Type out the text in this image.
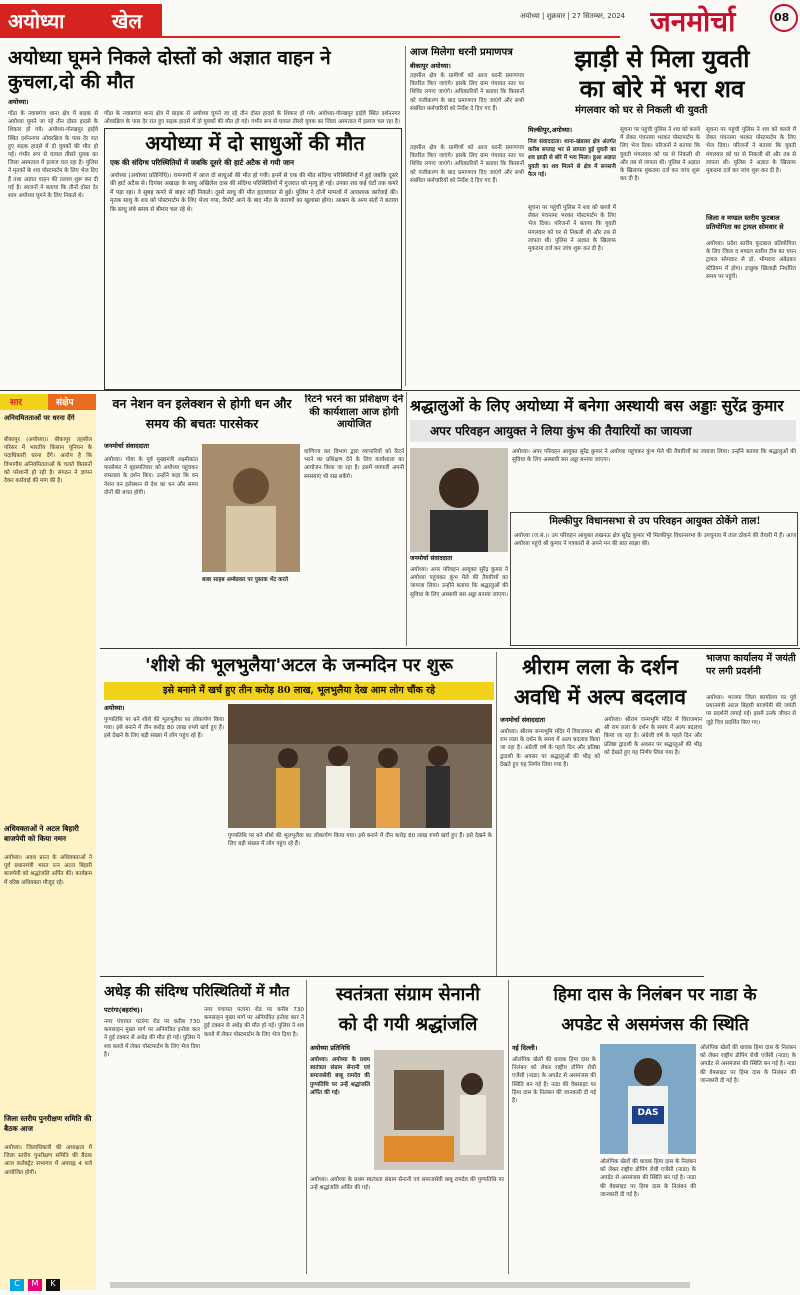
अयोध्या खेल	अयोध्या | शुक्रवार | 27 सितम्बर, 2024 जनमोर्चा	08
अयोध्या घूमने निकले दोस्तों को अज्ञात वाहन ने कुचला,दो की मौत
अयोध्या।
गोंडा के नवाबगंज थाना क्षेत्र में बाइक से अयोध्या घूमने जा रहे तीन दोस्त हादसे के शिकार हो गये। अयोध्या-गोरखपुर हाईवे स्थित दर्शननगर ओवरब्रिज के पास देर रात हुए सड़क हादसे में दो युवकों की मौत हो गई। गंभीर रूप से घायल तीसरे युवक का जिला अस्पताल में इलाज चल रहा है। पुलिस ने मृतकों के शव पोस्टमार्टम के लिए भेज दिए हैं तथा अज्ञात वाहन की तलाश शुरू कर दी गई है। स्वजनों ने बताया कि तीनों दोस्त देर शाम अयोध्या घूमने के लिए निकले थे।
गोंडा के नवाबगंज थाना क्षेत्र में बाइक से अयोध्या घूमने जा रहे तीन दोस्त हादसे के शिकार हो गये। अयोध्या-गोरखपुर हाईवे स्थित दर्शननगर ओवरब्रिज के पास देर रात हुए सड़क हादसे में दो युवकों की मौत हो गई। गंभीर रूप से घायल तीसरे युवक का जिला अस्पताल में इलाज चल रहा है।
अयोध्या में दो साधुओं की मौत
एक की संदिग्ध परिस्थितियों में जबकि दूसरे की हार्ट अटैक से गयी जान
अयोध्या (अयोध्या प्रतिनिधि)। रामनगरी में आज दो साधुओं की मौत हो गयी। इनमें से एक की मौत संदिग्ध परिस्थितियों में हुई जबकि दूसरे की हार्ट अटैक से। दिगंबर अखाड़ा के साधु अखिलेश दास की संदिग्ध परिस्थितियों में गुजरात को मृत्यु हो गई। उनका शव कई घंटों तक कमरे में पड़ा रहा। वे सुबह कमरे से बाहर नहीं निकले। दूसरे साधु की मौत हृदयाघात से हुई। पुलिस ने दोनों मामलों में आवश्यक कार्रवाई की। मृतक साधु के शव को पोस्टमार्टम के लिए भेजा गया, रिपोर्ट आने के बाद मौत के कारणों का खुलासा होगा। आश्रम के अन्य संतों ने बताया कि साधु लंबे समय से बीमार चल रहे थे।
आज मिलेगा धरनी प्रमाणपत्र
बीकापुर अयोध्या।
तहसील क्षेत्र के ग्रामीणों को आज धरनी प्रमाणपत्र वितरित किए जाएंगे। इसके लिए ग्राम पंचायत स्तर पर शिविर लगाए जाएंगे। अधिकारियों ने बताया कि किसानों को पंजीकरण के बाद प्रमाणपत्र दिए जाएंगे और सभी संबंधित कर्मचारियों को निर्देश दे दिए गए हैं।
तहसील क्षेत्र के ग्रामीणों को आज धरनी प्रमाणपत्र वितरित किए जाएंगे। इसके लिए ग्राम पंचायत स्तर पर शिविर लगाए जाएंगे। अधिकारियों ने बताया कि किसानों को पंजीकरण के बाद प्रमाणपत्र दिए जाएंगे और सभी संबंधित कर्मचारियों को निर्देश दे दिए गए हैं।
झाड़ी से मिला युवती
का बोरे में भरा शव
मंगलवार को घर से निकली थी युवती
मिल्कीपुर,अयोध्या।
निज संवाददाता। थाना-खंडासा क्षेत्र अंतर्गत करीब सप्ताह भर से लापता हुई युवती का शव झाड़ी से बोरे में भरा मिला। हुआ अज्ञात युवती का शव मिलने से क्षेत्र में सनसनी फैल गई।
सूचना पर पहुंची पुलिस ने शव को कब्जे में लेकर पंचनामा भरकर पोस्टमार्टम के लिए भेज दिया। परिजनों ने बताया कि युवती मंगलवार को घर से निकली थी और तब से लापता थी। पुलिस ने अज्ञात के खिलाफ मुकदमा दर्ज कर जांच शुरू कर दी है।
सूचना पर पहुंची पुलिस ने शव को कब्जे में लेकर पंचनामा भरकर पोस्टमार्टम के लिए भेज दिया। परिजनों ने बताया कि युवती मंगलवार को घर से निकली थी और तब से लापता थी। पुलिस ने अज्ञात के खिलाफ मुकदमा दर्ज कर जांच शुरू कर दी है।
सूचना पर पहुंची पुलिस ने शव को कब्जे में लेकर पंचनामा भरकर पोस्टमार्टम के लिए भेज दिया। परिजनों ने बताया कि युवती मंगलवार को घर से निकली थी और तब से लापता थी। पुलिस ने अज्ञात के खिलाफ मुकदमा दर्ज कर जांच शुरू कर दी है।
जिला व मण्डल स्तरीय फुटबाल प्रतियोगिता का ट्रायल सोमवार से
अयोध्या। प्रदेश स्तरीय फुटबाल प्रतियोगिता के लिए जिला व मण्डल स्तरीय टीम का चयन ट्रायल सोमवार से डॉ. भीमराव अंबेडकर स्टेडियम में होगा। इच्छुक खिलाड़ी निर्धारित समय पर पहुंचें।
सार	संक्षेप
अनियमितताओं पर धरना देंगे
बीकापुर (अयोध्या)। बीकापुर तहसील परिसर में भारतीय किसान यूनियन के पदाधिकारी धरना देंगे। आरोप है कि विभागीय अनियमितताओं के चलते किसानों को परेशानी हो रही है। संगठन ने ज्ञापन देकर कार्रवाई की मांग की है।
अधिवक्ताओं ने अटल बिहारी बाजपेयी को किया नमन
अयोध्या। अवध प्रान्त के अधिवक्ताओं ने पूर्व प्रधानमंत्री भारत रत्न अटल बिहारी बाजपेयी को श्रद्धांजलि अर्पित की। कार्यक्रम में वरिष्ठ अधिवक्ता मौजूद रहे।
जिला स्तरीय पुनरीक्षण समिति की बैठक आज
अयोध्या। जिलाधिकारी की अध्यक्षता में जिला स्तरीय पुनरीक्षण समिति की बैठक आज कलेक्ट्रेट सभागार में अपराह्न 4 बजे आयोजित होगी।
वन नेशन वन इलेक्शन से होगी धन और समय की बचतः पारसेकर
जनमोर्चा संवाददाता
अयोध्या। गोवा के पूर्व मुख्यमंत्री लक्ष्मीकांत पारसेकर ने बृहस्पतिवार को अयोध्या पहुंचकर रामलला के दर्शन किए। उन्होंने कहा कि वन नेशन वन इलेक्शन से देश का धन और समय दोनों की बचत होगी।
बाबा साहब अम्बेडकर पर पुस्तक भेंट करते
रिटर्न भरने का प्रशिक्षण देने की कार्यशाला आज होगी आयोजित
वाणिज्य कर विभाग द्वारा व्यापारियों को रिटर्न भरने का प्रशिक्षण देने के लिए कार्यशाला का आयोजन किया जा रहा है। इसमें व्यापारी अपनी समस्याएं भी रख सकेंगे।
श्रद्धालुओं के लिए अयोध्या में बनेगा अस्थायी बस अड्डाः सुरेंद्र कुमार
अपर परिवहन आयुक्त ने लिया कुंभ की तैयारियों का जायजा
जनमोर्चा संवाददाता
अयोध्या। अपर परिवहन आयुक्त सुरेंद्र कुमार ने अयोध्या पहुंचकर कुंभ मेले की तैयारियों का जायजा लिया। उन्होंने बताया कि श्रद्धालुओं की सुविधा के लिए अस्थायी बस अड्डा बनाया जाएगा।
अयोध्या। अपर परिवहन आयुक्त सुरेंद्र कुमार ने अयोध्या पहुंचकर कुंभ मेले की तैयारियों का जायजा लिया। उन्होंने बताया कि श्रद्धालुओं की सुविधा के लिए अस्थायी बस अड्डा बनाया जाएगा।
मिल्कीपुर विधानसभा से उप परिवहन आयुक्त ठोकेंगे ताल!
अयोध्या (ज.सं.)। उप परिवहन आयुक्त लखनऊ क्षेत्र सुरेंद्र कुमार भी मिल्कीपुर विधानसभा के उपचुनाव में ताल ठोकने की तैयारी में हैं। आज अयोध्या पहुंचे श्री कुमार ने पत्रकारों से अपने मन की बात साझा की।
'शीशे की भूलभुलैया'अटल के जन्मदिन पर शुरू
इसे बनाने में खर्च हुए तीन करोड़ 80 लाख, भूलभुलैया देख आम लोग चौंक रहे
अयोध्या।
पुण्यतिथि पर बने शीशे की भूलभुलैया का लोकार्पण किया गया। इसे बनाने में तीन करोड़ 80 लाख रुपये खर्च हुए हैं। इसे देखने के लिए बड़ी संख्या में लोग पहुंच रहे हैं।
पुण्यतिथि पर बने शीशे की भूलभुलैया का लोकार्पण किया गया। इसे बनाने में तीन करोड़ 80 लाख रुपये खर्च हुए हैं। इसे देखने के लिए बड़ी संख्या में लोग पहुंच रहे हैं।
श्रीराम लला के दर्शन
अवधि में अल्प बदलाव
जनमोर्चा संवाददाता
अयोध्या। श्रीराम जन्मभूमि मंदिर में विराजमान श्री राम लला के दर्शन के समय में अल्प बदलाव किया जा रहा है। अंग्रेजी वर्ष के पहले दिन और प्रतिष्ठा द्वादशी के अवसर पर श्रद्धालुओं की भीड़ को देखते हुए यह निर्णय लिया गया है।
अयोध्या। श्रीराम जन्मभूमि मंदिर में विराजमान श्री राम लला के दर्शन के समय में अल्प बदलाव किया जा रहा है। अंग्रेजी वर्ष के पहले दिन और प्रतिष्ठा द्वादशी के अवसर पर श्रद्धालुओं की भीड़ को देखते हुए यह निर्णय लिया गया है।
भाजपा कार्यालय में जयंती पर लगी प्रदर्शनी
अयोध्या। भाजपा जिला कार्यालय पर पूर्व प्रधानमंत्री अटल बिहारी बाजपेयी की जयंती पर प्रदर्शनी लगाई गई। इसमें उनके जीवन से जुड़े चित्र प्रदर्शित किए गए।
अधेड़ की संदिग्ध परिस्थितियों में मौत
पटरंगा(बहरांच)।
नगर पंचायत पटरंगा रोड पर करीब 730 कमसाहन मुख्य मार्ग पर अनियंत्रित इनोवा कार ने हुई टक्कर से अधेड़ की मौत हो गई। पुलिस ने शव कब्जे में लेकर पोस्टमार्टम के लिए भेज दिया है।
नगर पंचायत पटरंगा रोड पर करीब 730 कमसाहन मुख्य मार्ग पर अनियंत्रित इनोवा कार ने हुई टक्कर से अधेड़ की मौत हो गई। पुलिस ने शव कब्जे में लेकर पोस्टमार्टम के लिए भेज दिया है।
स्वतंत्रता संग्राम सेनानी
को दी गयी श्रद्धांजलि
अयोध्या प्रतिनिधि
अयोध्या। अयोध्या के प्रथम स्वतंत्रता संग्राम सेनानी एवं समाजसेवी बाबू रामदेव की पुण्यतिथि पर उन्हें श्रद्धांजलि अर्पित की गई।
अयोध्या। अयोध्या के प्रथम स्वतंत्रता संग्राम सेनानी एवं समाजसेवी बाबू रामदेव की पुण्यतिथि पर उन्हें श्रद्धांजलि अर्पित की गई।
हिमा दास के निलंबन पर नाडा के
अपडेट से असमंजस की स्थिति
नई दिल्ली।
ओलंपिक खेलों की धावक हिमा दास के निलंबन को लेकर राष्ट्रीय डोपिंग रोधी एजेंसी (नाडा) के अपडेट से असमंजस की स्थिति बन गई है। नाडा की वेबसाइट पर हिमा दास के निलंबन की जानकारी दी गई है।
DAS
ओलंपिक खेलों की धावक हिमा दास के निलंबन को लेकर राष्ट्रीय डोपिंग रोधी एजेंसी (नाडा) के अपडेट से असमंजस की स्थिति बन गई है। नाडा की वेबसाइट पर हिमा दास के निलंबन की जानकारी दी गई है।
ओलंपिक खेलों की धावक हिमा दास के निलंबन को लेकर राष्ट्रीय डोपिंग रोधी एजेंसी (नाडा) के अपडेट से असमंजस की स्थिति बन गई है। नाडा की वेबसाइट पर हिमा दास के निलंबन की जानकारी दी गई है।
C	M	K
